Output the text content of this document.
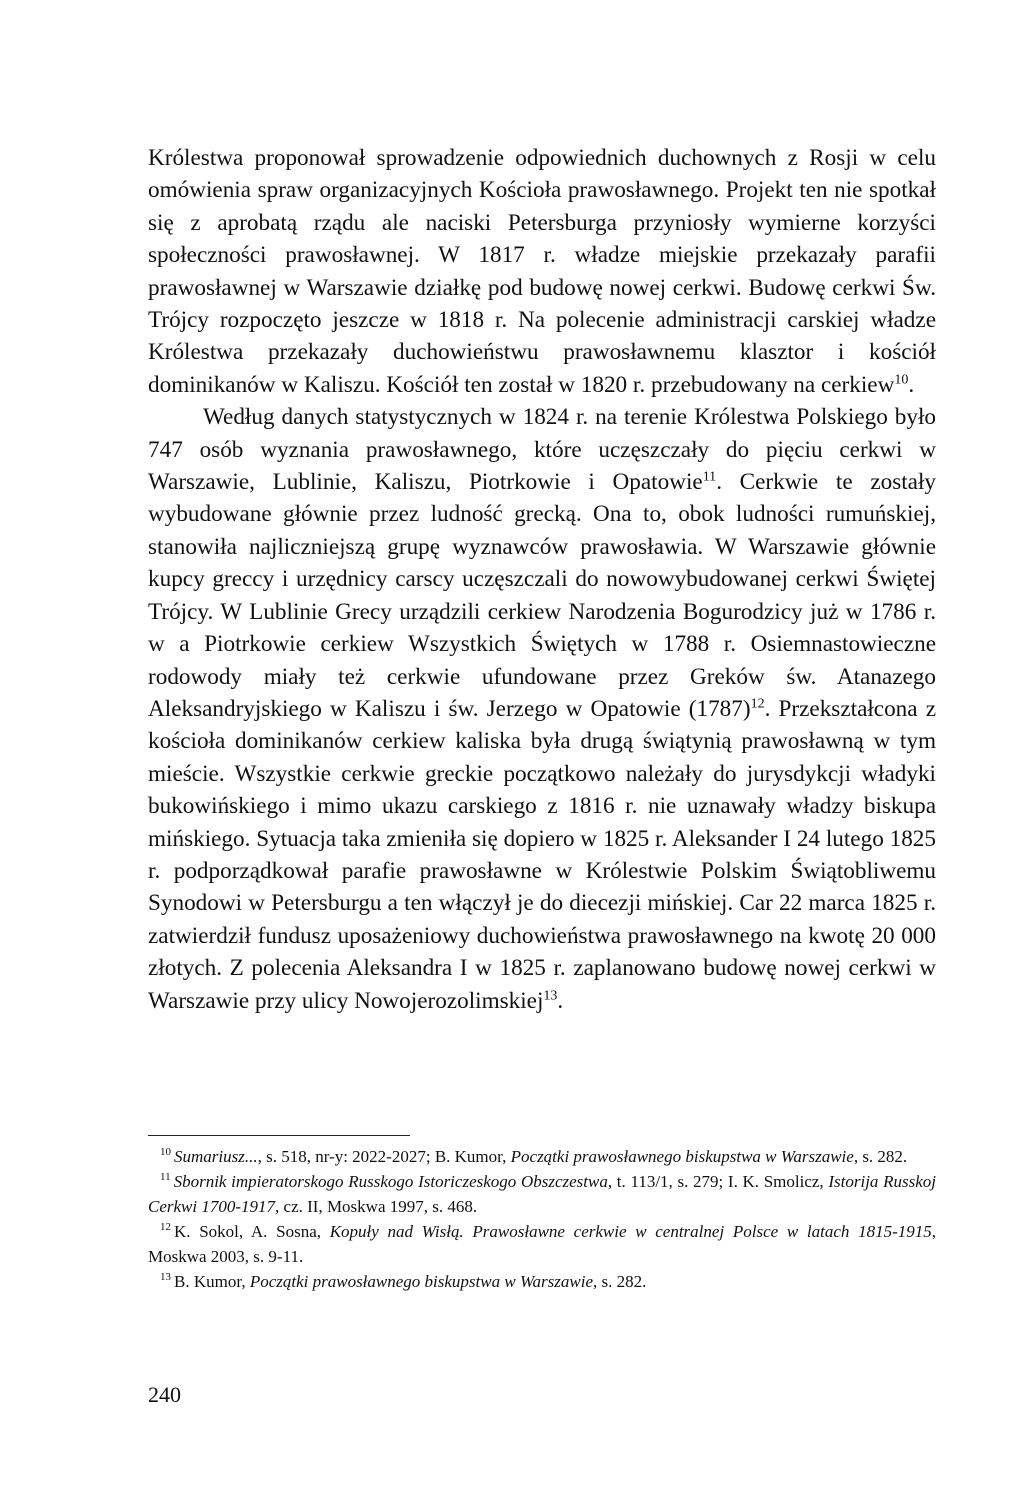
Królestwa proponował sprowadzenie odpowiednich duchownych z Rosji w celu omówienia spraw organizacyjnych Kościoła prawosławnego. Projekt ten nie spotkał się z aprobatą rządu ale naciski Petersburga przyniosły wymierne korzyści społeczności prawosławnej. W 1817 r. władze miejskie przekazały parafii prawosławnej w Warszawie działkę pod budowę nowej cerkwi. Budowę cerkwi Św. Trójcy rozpoczęto jeszcze w 1818 r. Na polecenie administracji carskiej władze Królestwa przekazały duchowieństwu prawosławnemu klasztor i kościół dominikanów w Kaliszu. Kościół ten został w 1820 r. przebudowany na cerkiew$^{10}$.

Według danych statystycznych w 1824 r. na terenie Królestwa Polskiego było 747 osób wyznania prawosławnego, które uczęszczały do pięciu cerkwi w Warszawie, Lublinie, Kaliszu, Piotrkowie i Opatowie$^{11}$. Cerkwie te zostały wybudowane głównie przez ludność grecką. Ona to, obok ludności rumuńskiej, stanowiła najliczniejszą grupę wyznawców prawosławia. W Warszawie głównie kupcy greccy i urzędnicy carscy uczęszczali do nowowybudowanej cerkwi Świętej Trójcy. W Lublinie Grecy urządzili cerkiew Narodzenia Bogurodzicy już w 1786 r. w a Piotrkowie cerkiew Wszystkich Świętych w 1788 r. Osiemnastowieczne rodowody miały też cerkwie ufundowane przez Greków św. Atanazego Aleksandryjskiego w Kaliszu i św. Jerzego w Opatowie (1787)$^{12}$. Przekształcona z kościoła dominikanów cerkiew kaliska była drugą świątynią prawosławną w tym mieście. Wszystkie cerkwie greckie początkowo należały do jurysdykcji władyki bukowińskiego i mimo ukazu carskiego z 1816 r. nie uznawały władzy biskupa mińskiego. Sytuacja taka zmieniła się dopiero w 1825 r. Aleksander I 24 lutego 1825 r. podporządkował parafie prawosławne w Królestwie Polskim Świątobliwemu Synodowi w Petersburgu a ten włączył je do diecezji mińskiej. Car 22 marca 1825 r. zatwierdził fundusz uposażeniowy duchowieństwa prawosławnego na kwotę 20 000 złotych. Z polecenia Aleksandra I w 1825 r. zaplanowano budowę nowej cerkwi w Warszawie przy ulicy Nowojerozolimskiej$^{13}$.

$^{10}$ Sumariusz..., s. 518, nr-y: 2022-2027; B. Kumor, Początki prawosławnego biskupstwa w Warszawie, s. 282.

$^{11}$ Sbornik impieratorskogo Russkogo Istoriczeskogo Obszczestwa, t. 113/1, s. 279; I. K. Smolicz, Istorija Russkoj Cerkwi 1700-1917, cz. II, Moskwa 1997, s. 468.

$^{12}$ K. Sokol, A. Sosna, Kopuły nad Wisłą. Prawosławne cerkwie w centralnej Polsce w latach 1815-1915, Moskwa 2003, s. 9-11.

$^{13}$ B. Kumor, Początki prawosławnego biskupstwa w Warszawie, s. 282.

240
